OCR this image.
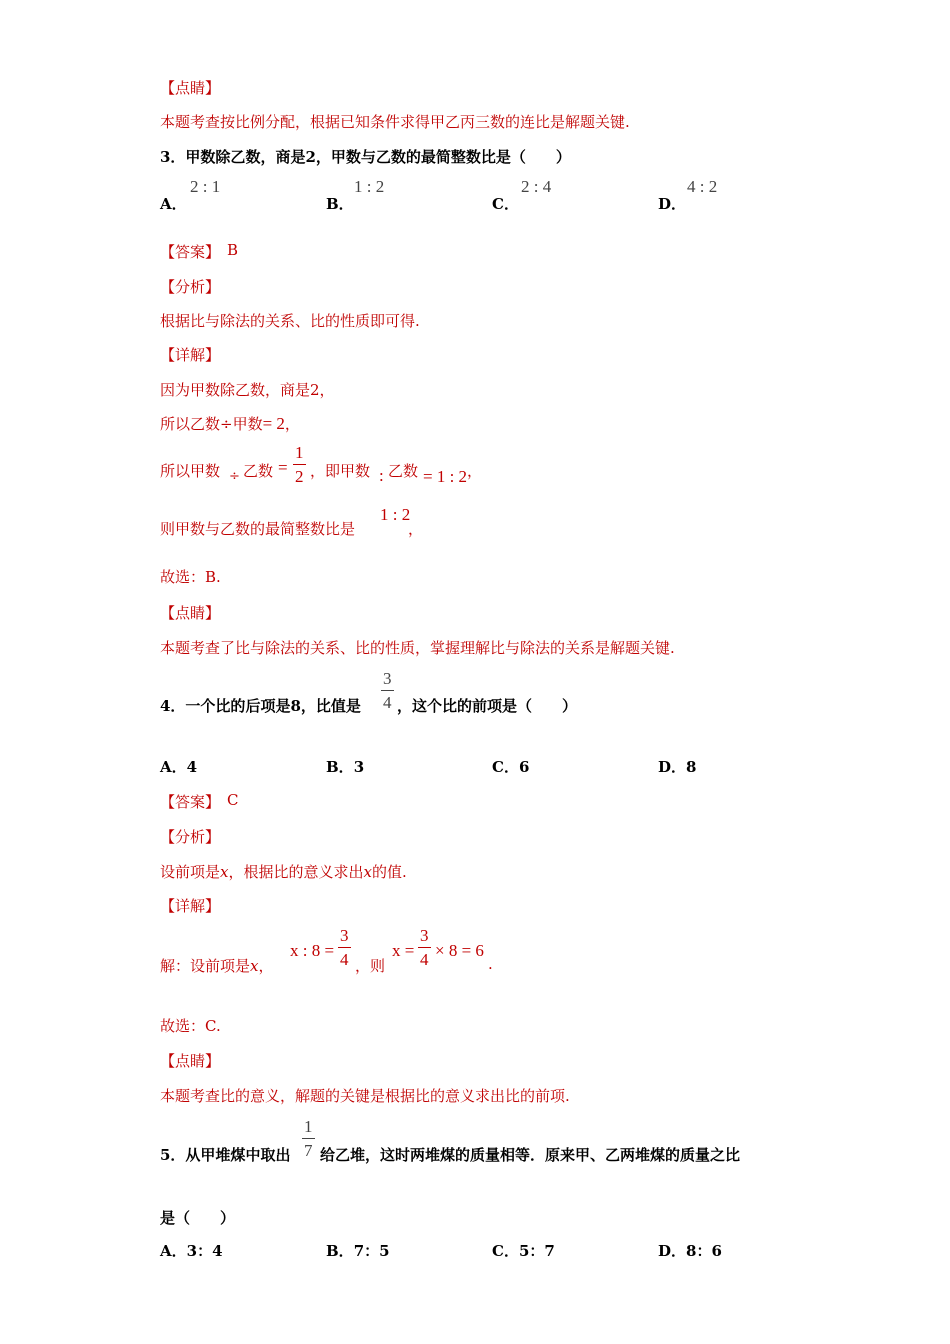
【点睛】
本题考查按比例分配，根据已知条件求得甲乙丙三数的连比是解题关键.
3．甲数除乙数，商是2，甲数与乙数的最简整数比是（　　）
A．
2 : 1
B．
1 : 2
C．
2 : 4
D．
4 : 2
【答案】 B
【分析】
根据比与除法的关系、比的性质即可得.
【详解】
因为甲数除乙数，商是2，
所以乙数÷甲数= 2，
所以甲数 ÷ 乙数 = $\frac{1}{2}$ ，即甲数 : 乙数 = 1 : 2 ，
则甲数与乙数的最简整数比是
1 : 2
，
故选：B.
【点睛】
本题考查了比与除法的关系、比的性质，掌握理解比与除法的关系是解题关键.
4．一个比的后项是8，比值是 $\frac{3}{4}$ ，这个比的前项是（　　）
A．4	B．3	C．6	D．8
【答案】 C
【分析】
设前项是x，根据比的意义求出x的值.
【详解】
解：设前项是x，
x : $8 = \frac{3}{4}$ ，则
$x = \frac{3}{4} \times 8 = 6$
.
故选：C.
【点睛】
本题考查比的意义，解题的关键是根据比的意义求出比的前项.
5．从甲堆煤中取出 $\frac{1}{7}$ 给乙堆，这时两堆煤的质量相等．原来甲、乙两堆煤的质量之比
是（　　）
A．3：4	B．7：5	C．5：7	D．8：6
